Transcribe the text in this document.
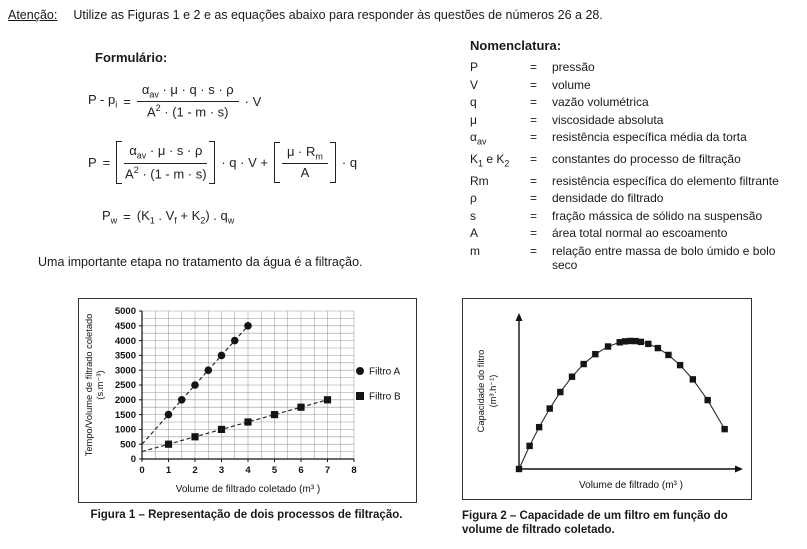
Atenção: Utilize as Figuras 1 e 2 e as equações abaixo para responder às questões de números 26 a 28.
Formulário:
$P - p_i = \frac{\alpha_{av} \cdot \mu \cdot q \cdot s \cdot \rho}{A^2 \cdot (1 - m \cdot s)} \cdot V$
$P = \frac{\alpha_{av} \cdot \mu \cdot s \cdot \rho}{A^2 \cdot (1 - m \cdot s)} \cdot q \cdot V + \frac{\mu \cdot R_m}{A} \cdot q$
$P_w = (K_1$ . $V_f + K_2$) . $q_w$
Nomenclatura:
P	=	pressão
V	=	volume
q	=	vazão volumétrica
μ	=	viscosidade absoluta
$\alpha_{av}$	=	resistência específica média da torta
$K_1$ e $K_2$	=	constantes do processo de filtração
Rm	=	resistência específica do elemento filtrante
ρ	=	densidade do filtrado
s	=	fração mássica de sólido na suspensão
A	=	área total normal ao escoamento
m	=	relação entre massa de bolo úmido e bolo seco
Uma importante etapa no tratamento da água é a filtração.
0
500
1000
1500
2000
2500
3000
3500
4000
4500
5000
0 1 2 3 4 5 6 7 8
Filtro A
Filtro B
Volume de filtrado coletado (m³ )
Tempo/Volume de filtrado coletado (s.m⁻³)
Figura 1 – Representação de dois processos de filtração.
Volume de filtrado (m³ )
Capacidade do filtro (m³.h⁻¹)
Figura 2 – Capacidade de um filtro em função do volume de filtrado coletado.
